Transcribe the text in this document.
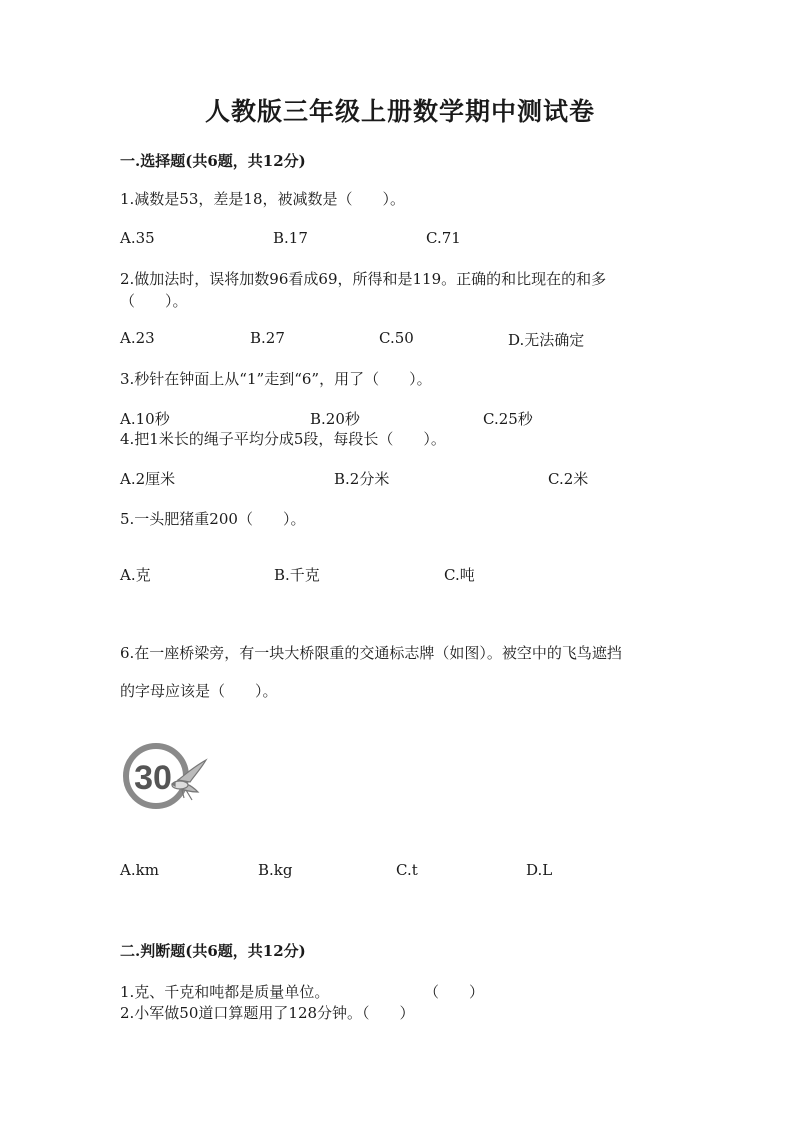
人教版三年级上册数学期中测试卷
一.选择题(共6题，共12分)
1.减数是53，差是18，被减数是（　　）。
A.35	B.17	C.71
2.做加法时，误将加数96看成69，所得和是119。正确的和比现在的和多
（　　）。
A.23	B.27	C.50	D.无法确定
3.秒针在钟面上从“1”走到“6”，用了（　　）。
A.10秒	B.20秒	C.25秒
4.把1米长的绳子平均分成5段，每段长（　　）。
A.2厘米	B.2分米	C.2米
5.一头肥猪重200（　　）。
A.克	B.千克	C.吨
6.在一座桥梁旁，有一块大桥限重的交通标志牌（如图）。被空中的飞鸟遮挡
的字母应该是（　　）。
30
A.km	B.kg	C.t	D.L
二.判断题(共6题，共12分)
1.克、千克和吨都是质量单位。	（　　）
2.小军做50道口算题用了128分钟。（　　）
